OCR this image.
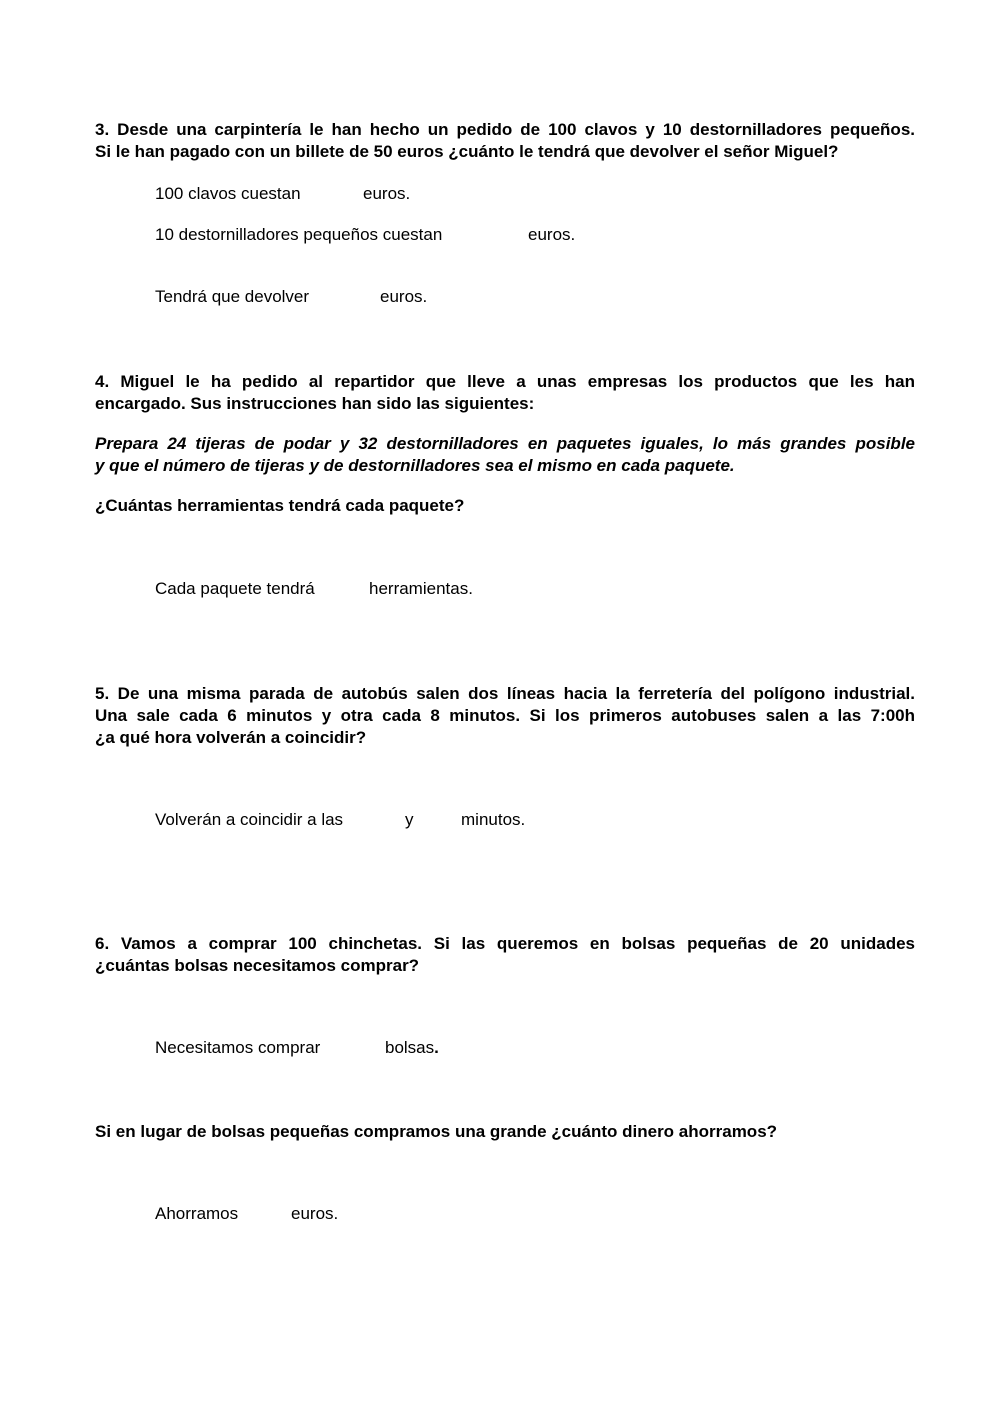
3. Desde una carpintería le han hecho un pedido de 100 clavos y 10 destornilladores pequeños.
Si le han pagado con un billete de 50 euros ¿cuánto le tendrá que devolver el señor Miguel?

100 clavos cuestan	euros.
10 destornilladores pequeños cuestan	euros.
Tendrá que devolver	euros.

4. Miguel le ha pedido al repartidor que lleve a unas empresas los productos que les han
encargado. Sus instrucciones han sido las siguientes:

Prepara 24 tijeras de podar y 32 destornilladores en paquetes iguales, lo más grandes posible
y que el número de tijeras y de destornilladores sea el mismo en cada paquete.

¿Cuántas herramientas tendrá cada paquete?

Cada paquete tendrá	herramientas.

5. De una misma parada de autobús salen dos líneas hacia la ferretería del polígono industrial.
Una sale cada 6 minutos y otra cada 8 minutos. Si los primeros autobuses salen a las 7:00h
¿a qué hora volverán a coincidir?

Volverán a coincidir a las	y	minutos.

6. Vamos a comprar 100 chinchetas. Si las queremos en bolsas pequeñas de 20 unidades
¿cuántas bolsas necesitamos comprar?

Necesitamos comprar	bolsas.

Si en lugar de bolsas pequeñas compramos una grande ¿cuánto dinero ahorramos?

Ahorramos	euros.
